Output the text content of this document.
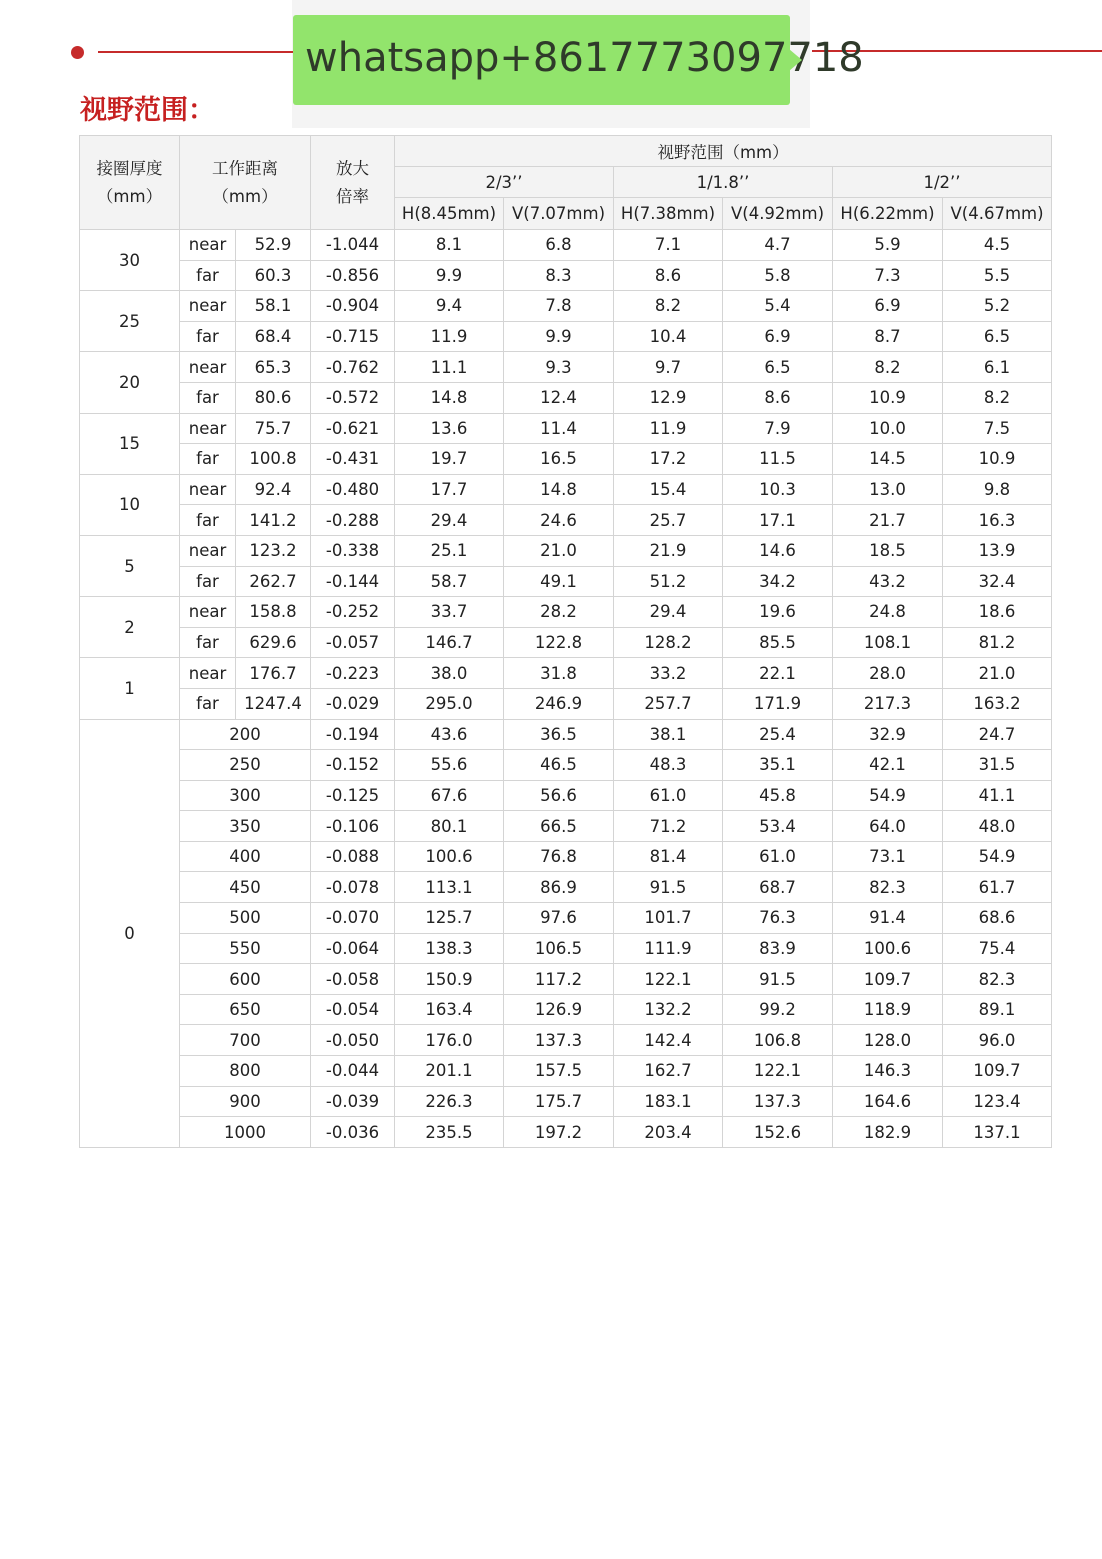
whatsapp+8617773097718
视野范围：
接圈厚度
（mm）	工作距离
（mm）		放大
倍率	视野范围（mm）					
				2/3’’		1/1.8’’		1/2’’	
				H(8.45mm)	V(7.07mm)	H(7.38mm)	V(4.92mm)	H(6.22mm)	V(4.67mm)
30	near	52.9	-1.044	8.1	6.8	7.1	4.7	5.9	4.5
	far	60.3	-0.856	9.9	8.3	8.6	5.8	7.3	5.5
25	near	58.1	-0.904	9.4	7.8	8.2	5.4	6.9	5.2
	far	68.4	-0.715	11.9	9.9	10.4	6.9	8.7	6.5
20	near	65.3	-0.762	11.1	9.3	9.7	6.5	8.2	6.1
	far	80.6	-0.572	14.8	12.4	12.9	8.6	10.9	8.2
15	near	75.7	-0.621	13.6	11.4	11.9	7.9	10.0	7.5
	far	100.8	-0.431	19.7	16.5	17.2	11.5	14.5	10.9
10	near	92.4	-0.480	17.7	14.8	15.4	10.3	13.0	9.8
	far	141.2	-0.288	29.4	24.6	25.7	17.1	21.7	16.3
5	near	123.2	-0.338	25.1	21.0	21.9	14.6	18.5	13.9
	far	262.7	-0.144	58.7	49.1	51.2	34.2	43.2	32.4
2	near	158.8	-0.252	33.7	28.2	29.4	19.6	24.8	18.6
	far	629.6	-0.057	146.7	122.8	128.2	85.5	108.1	81.2
1	near	176.7	-0.223	38.0	31.8	33.2	22.1	28.0	21.0
	far	1247.4	-0.029	295.0	246.9	257.7	171.9	217.3	163.2
0	200		-0.194	43.6	36.5	38.1	25.4	32.9	24.7
	250		-0.152	55.6	46.5	48.3	35.1	42.1	31.5
	300		-0.125	67.6	56.6	61.0	45.8	54.9	41.1
	350		-0.106	80.1	66.5	71.2	53.4	64.0	48.0
	400		-0.088	100.6	76.8	81.4	61.0	73.1	54.9
	450		-0.078	113.1	86.9	91.5	68.7	82.3	61.7
	500		-0.070	125.7	97.6	101.7	76.3	91.4	68.6
	550		-0.064	138.3	106.5	111.9	83.9	100.6	75.4
	600		-0.058	150.9	117.2	122.1	91.5	109.7	82.3
	650		-0.054	163.4	126.9	132.2	99.2	118.9	89.1
	700		-0.050	176.0	137.3	142.4	106.8	128.0	96.0
	800		-0.044	201.1	157.5	162.7	122.1	146.3	109.7
	900		-0.039	226.3	175.7	183.1	137.3	164.6	123.4
	1000		-0.036	235.5	197.2	203.4	152.6	182.9	137.1
